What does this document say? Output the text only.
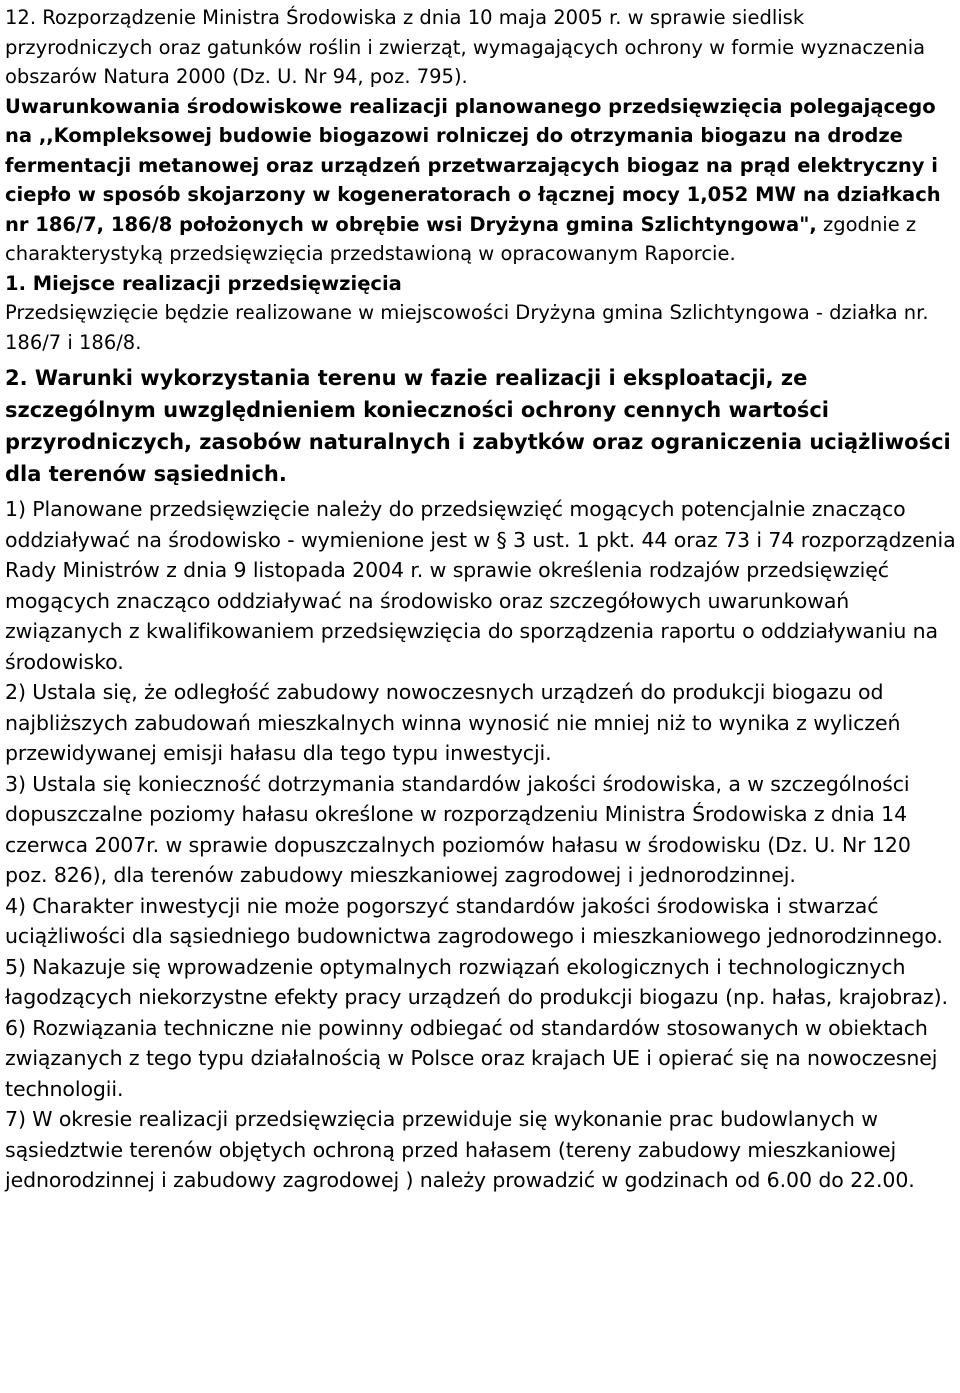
12. Rozporządzenie Ministra Środowiska z dnia 10 maja 2005 r. w sprawie siedlisk przyrodniczych oraz gatunków roślin i zwierząt, wymagających ochrony w formie wyznaczenia obszarów Natura 2000 (Dz. U. Nr 94, poz. 795).

Uwarunkowania środowiskowe realizacji planowanego przedsięwzięcia polegającego na ,,Kompleksowej budowie biogazowi rolniczej do otrzymania biogazu na drodze fermentacji metanowej oraz urządzeń przetwarzających biogaz na prąd elektryczny i ciepło w sposób skojarzony w kogeneratorach o łącznej mocy 1,052 MW na działkach nr 186/7, 186/8 położonych w obrębie wsi Dryżyna gmina Szlichtyngowa", zgodnie z charakterystyką przedsięwzięcia przedstawioną w opracowanym Raporcie.

1. Miejsce realizacji przedsięwzięcia

Przedsięwzięcie będzie realizowane w miejscowości Dryżyna gmina Szlichtyngowa - działka nr. 186/7 i 186/8.

2. Warunki wykorzystania terenu w fazie realizacji i eksploatacji, ze szczególnym uwzględnieniem konieczności ochrony cennych wartości przyrodniczych, zasobów naturalnych i zabytków oraz ograniczenia uciążliwości dla terenów sąsiednich.

1) Planowane przedsięwzięcie należy do przedsięwzięć mogących potencjalnie znacząco oddziaływać na środowisko - wymienione jest w § 3 ust. 1 pkt. 44 oraz 73 i 74 rozporządzenia Rady Ministrów z dnia 9 listopada 2004 r. w sprawie określenia rodzajów przedsięwzięć mogących znacząco oddziaływać na środowisko oraz szczegółowych uwarunkowań związanych z kwalifikowaniem przedsięwzięcia do sporządzenia raportu o oddziaływaniu na środowisko.

2) Ustala się, że odległość zabudowy nowoczesnych urządzeń do produkcji biogazu od najbliższych zabudowań mieszkalnych winna wynosić nie mniej niż to wynika z wyliczeń przewidywanej emisji hałasu dla tego typu inwestycji.

3) Ustala się konieczność dotrzymania standardów jakości środowiska, a w szczególności dopuszczalne poziomy hałasu określone w rozporządzeniu Ministra Środowiska z dnia 14 czerwca 2007r. w sprawie dopuszczalnych poziomów hałasu w środowisku (Dz. U. Nr 120 poz. 826), dla terenów zabudowy mieszkaniowej zagrodowej i jednorodzinnej.

4) Charakter inwestycji nie może pogorszyć standardów jakości środowiska i stwarzać uciążliwości dla sąsiedniego budownictwa zagrodowego i mieszkaniowego jednorodzinnego.

5) Nakazuje się wprowadzenie optymalnych rozwiązań ekologicznych i technologicznych łagodzących niekorzystne efekty pracy urządzeń do produkcji biogazu (np. hałas, krajobraz).

6) Rozwiązania techniczne nie powinny odbiegać od standardów stosowanych w obiektach związanych z tego typu działalnością w Polsce oraz krajach UE i opierać się na nowoczesnej technologii.

7) W okresie realizacji przedsięwzięcia przewiduje się wykonanie prac budowlanych w sąsiedztwie terenów objętych ochroną przed hałasem (tereny zabudowy mieszkaniowej jednorodzinnej i zabudowy zagrodowej ) należy prowadzić w godzinach od 6.00 do 22.00.
